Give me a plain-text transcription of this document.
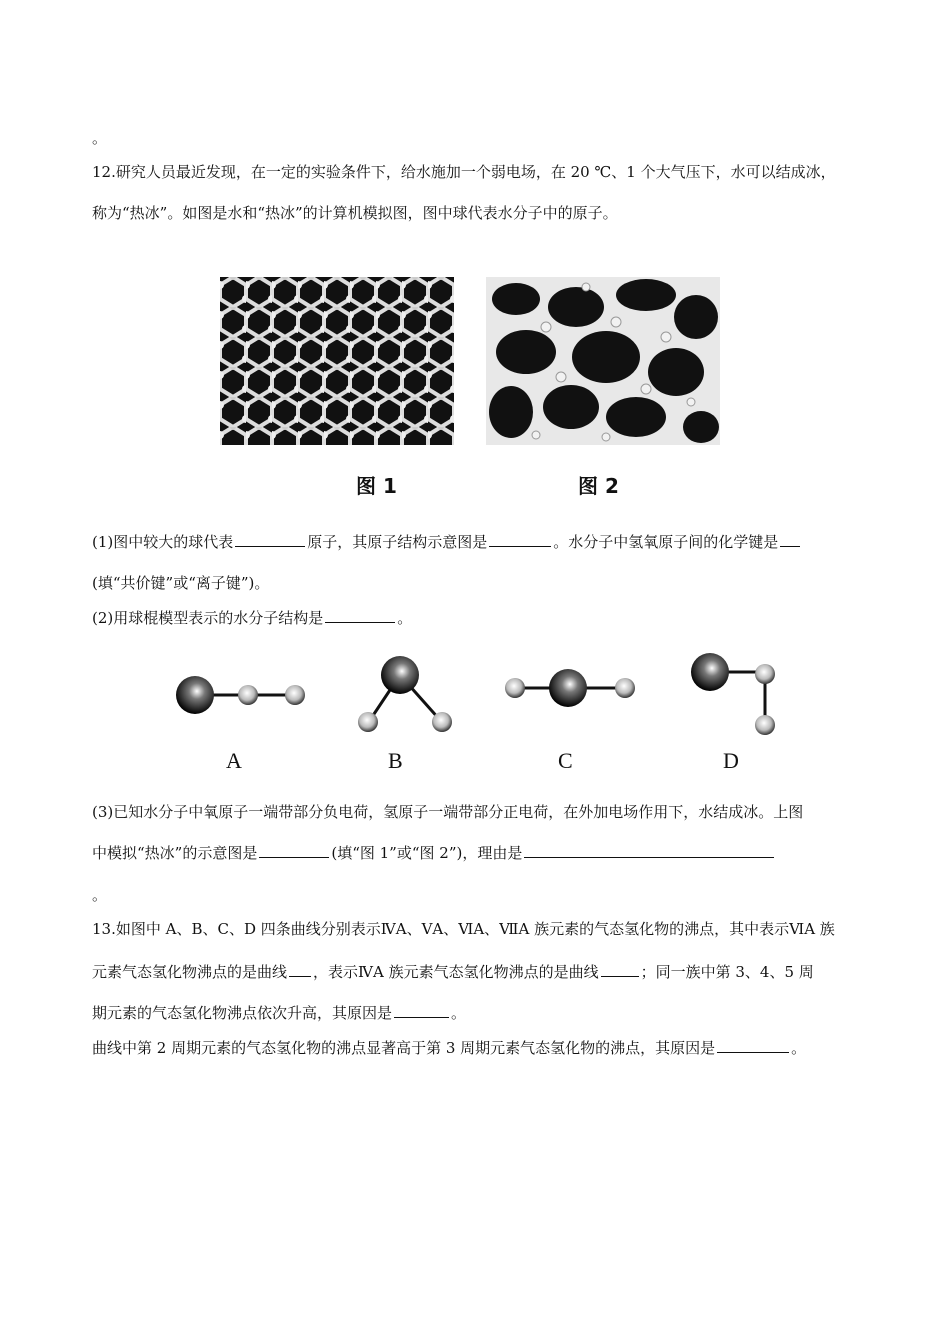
。
12.研究人员最近发现，在一定的实验条件下，给水施加一个弱电场，在 20 ℃、1 个大气压下，水可以结成冰，
称为“热冰”。如图是水和“热冰”的计算机模拟图，图中球代表水分子中的原子。
图 1	图 2
(1)图中较大的球代表	原子，其原子结构示意图是	。水分子中氢氧原子间的化学键是
(填“共价键”或“离子键”)。
(2)用球棍模型表示的水分子结构是	。
A	B	C	D
(3)已知水分子中氧原子一端带部分负电荷，氢原子一端带部分正电荷，在外加电场作用下，水结成冰。上图
中模拟“热冰”的示意图是	(填“图 1”或“图 2”)，理由是
。
13.如图中 A、B、C、D 四条曲线分别表示ⅣA、ⅤA、ⅥA、ⅦA 族元素的气态氢化物的沸点，其中表示ⅥA 族
元素气态氢化物沸点的是曲线 ，表示ⅣA 族元素气态氢化物沸点的是曲线	；同一族中第 3、4、5 周
期元素的气态氢化物沸点依次升高，其原因是	。
曲线中第 2 周期元素的气态氢化物的沸点显著高于第 3 周期元素气态氢化物的沸点，其原因是	。
